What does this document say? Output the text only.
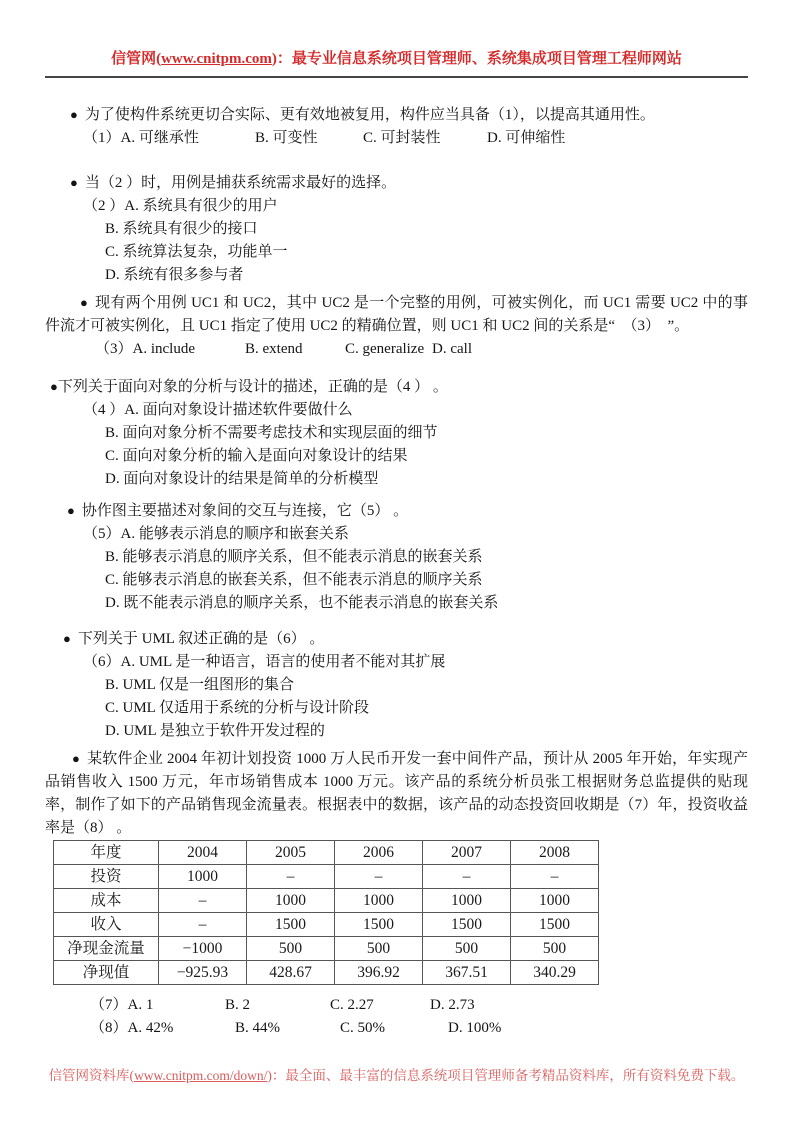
信管网(www.cnitpm.com)：最专业信息系统项目管理师、系统集成项目管理工程师网站
● 为了使构件系统更切合实际、更有效地被复用，构件应当具备（1），以提高其通用性。
（1）A. 可继承性	B. 可变性	C. 可封装性	D. 可伸缩性
● 当（2 ）时，用例是捕获系统需求最好的选择。
（2 ）A. 系统具有很少的用户
B. 系统具有很少的接口
C. 系统算法复杂，功能单一
D. 系统有很多参与者
● 现有两个用例 UC1 和 UC2，其中 UC2 是一个完整的用例，可被实例化，而 UC1 需要 UC2 中的事件流才可被实例化，且 UC1 指定了使用 UC2 的精确位置，则 UC1 和 UC2 间的关系是“　（3）　”。
（3）A. include	B. extend	C. generalize D. call
● 下列关于面向对象的分析与设计的描述，正确的是（4 ） 。
（4 ）A. 面向对象设计描述软件要做什么
B. 面向对象分析不需要考虑技术和实现层面的细节
C. 面向对象分析的输入是面向对象设计的结果
D. 面向对象设计的结果是简单的分析模型
● 协作图主要描述对象间的交互与连接，它（5） 。
（5）A. 能够表示消息的顺序和嵌套关系
B. 能够表示消息的顺序关系，但不能表示消息的嵌套关系
C. 能够表示消息的嵌套关系，但不能表示消息的顺序关系
D. 既不能表示消息的顺序关系，也不能表示消息的嵌套关系
● 下列关于 UML 叙述正确的是（6） 。
（6）A. UML 是一种语言，语言的使用者不能对其扩展
B. UML 仅是一组图形的集合
C. UML 仅适用于系统的分析与设计阶段
D. UML 是独立于软件开发过程的
● 某软件企业 2004 年初计划投资 1000 万人民币开发一套中间件产品，预计从 2005 年开始，年实现产品销售收入 1500 万元，年市场销售成本 1000 万元。该产品的系统分析员张工根据财务总监提供的贴现率，制作了如下的产品销售现金流量表。根据表中的数据，该产品的动态投资回收期是（7）年，投资收益率是（8） 。
年度	2004	2005	2006	2007	2008
投资	1000	–	–	–	–
成本	–	1000	1000	1000	1000
收入	–	1500	1500	1500	1500
净现金流量	−1000	500	500	500	500
净现值	−925.93	428.67	396.92	367.51	340.29
（7）A. 1	B. 2	C. 2.27	D. 2.73
（8）A. 42%	B. 44%	C. 50%	D. 100%
信管网资料库(www.cnitpm.com/down/)：最全面、最丰富的信息系统项目管理师备考精品资料库，所有资料免费下载。
